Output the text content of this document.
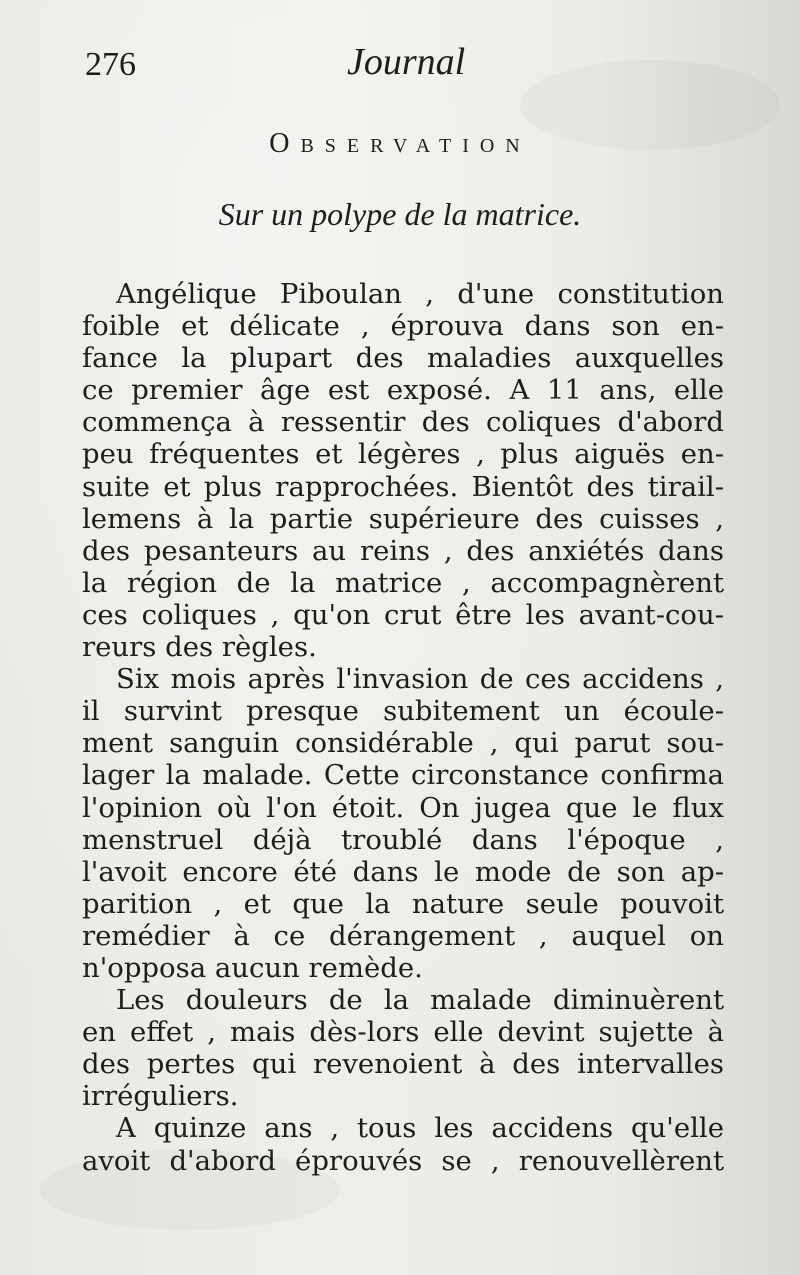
276	Journal
Observation
Sur un polype de la matrice.
Angélique Piboulan , d'une constitution
foible et délicate , éprouva dans son en-
fance la plupart des maladies auxquelles
ce premier âge est exposé. A 11 ans, elle
commença à ressentir des coliques d'abord
peu fréquentes et légères , plus aiguës en-
suite et plus rapprochées. Bientôt des tirail-
lemens à la partie supérieure des cuisses ,
des pesanteurs au reins , des anxiétés dans
la région de la matrice , accompagnèrent
ces coliques , qu'on crut être les avant-cou-
reurs des règles.
Six mois après l'invasion de ces accidens ,
il survint presque subitement un écoule-
ment sanguin considérable , qui parut sou-
lager la malade. Cette circonstance confirma
l'opinion où l'on étoit. On jugea que le flux
menstruel déjà troublé dans l'époque ,
l'avoit encore été dans le mode de son ap-
parition , et que la nature seule pouvoit
remédier à ce dérangement , auquel on
n'opposa aucun remède.
Les douleurs de la malade diminuèrent
en effet , mais dès-lors elle devint sujette à
des pertes qui revenoient à des intervalles
irréguliers.
A quinze ans , tous les accidens qu'elle
avoit d'abord éprouvés se , renouvellèrent
